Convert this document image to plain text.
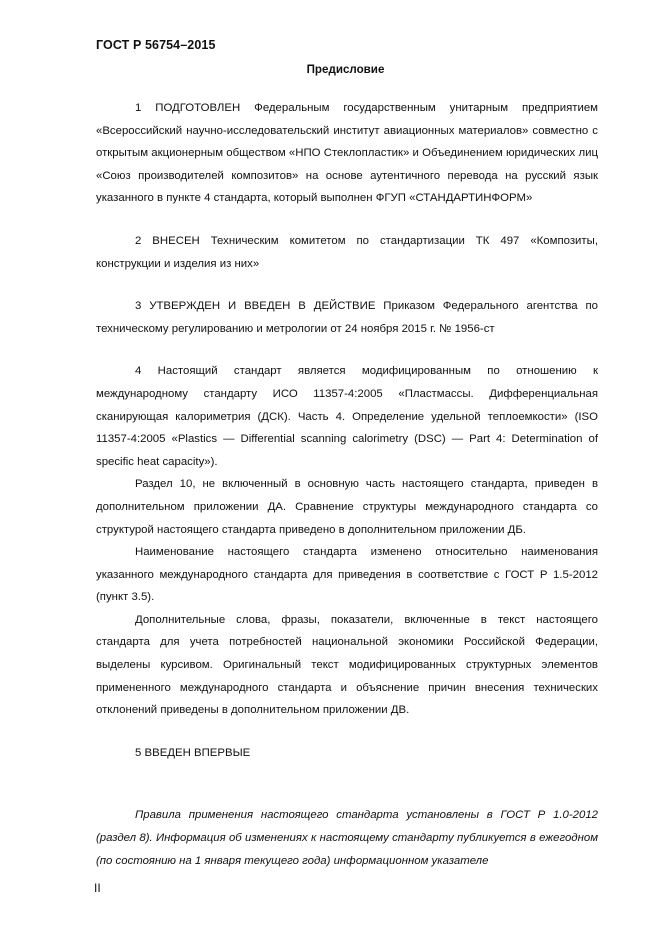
ГОСТ Р 56754–2015
Предисловие

1 ПОДГОТОВЛЕН Федеральным государственным унитарным предприятием «Всероссийский научно-исследовательский институт авиационных материалов» совместно с открытым акционерным обществом «НПО Стеклопластик» и Объединением юридических лиц «Союз производителей композитов» на основе аутентичного перевода на русский язык указанного в пункте 4 стандарта, который выполнен ФГУП «СТАНДАРТИНФОРМ»

2 ВНЕСЕН Техническим комитетом по стандартизации ТК 497 «Композиты, конструкции и изделия из них»

3 УТВЕРЖДЕН И ВВЕДЕН В ДЕЙСТВИЕ Приказом Федерального агентства по техническому регулированию и метрологии от 24 ноября 2015 г. № 1956-ст

4 Настоящий стандарт является модифицированным по отношению к международному стандарту ИСО 11357-4:2005 «Пластмассы. Дифференциальная сканирующая калориметрия (ДСК). Часть 4. Определение удельной теплоемкости» (ISO 11357-4:2005 «Plastics — Differential scanning calorimetry (DSC) — Part 4: Determination of specific heat capacity»).

Раздел 10, не включенный в основную часть настоящего стандарта, приведен в дополнительном приложении ДА. Сравнение структуры международного стандарта со структурой настоящего стандарта приведено в дополнительном приложении ДБ.

Наименование настоящего стандарта изменено относительно наименования указанного международного стандарта для приведения в соответствие с ГОСТ Р 1.5-2012 (пункт 3.5).

Дополнительные слова, фразы, показатели, включенные в текст настоящего стандарта для учета потребностей национальной экономики Российской Федерации, выделены курсивом. Оригинальный текст модифицированных структурных элементов примененного международного стандарта и объяснение причин внесения технических отклонений приведены в дополнительном приложении ДВ.

5 ВВЕДЕН ВПЕРВЫЕ

Правила применения настоящего стандарта установлены в ГОСТ Р 1.0-2012 (раздел 8). Информация об изменениях к настоящему стандарту публикуется в ежегодном (по состоянию на 1 января текущего года) информационном указателе

II
